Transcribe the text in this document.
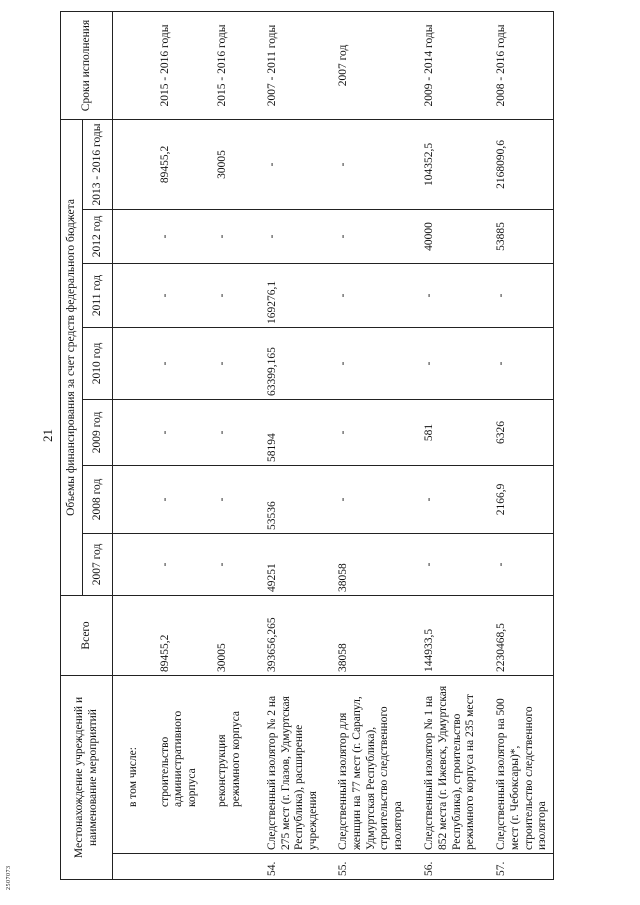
21
2507073
Местонахождение учреждений и наименование мероприятий		Всего	Объемы финансирования за счет средств федерального бюджета							Сроки исполнения
			2007 год	2008 год	2009 год	2010 год	2011 год	2012 год	2013 - 2016 годы	
	в том числе:									
	строительство административного корпуса	89455,2	-	-	-	-	-	-	89455,2	2015 - 2016 годы
	реконструкция режимного корпуса	30005	-	-	-	-	-	-	30005	2015 - 2016 годы
54.	Следственный изолятор № 2 на 275 мест (г. Глазов, Удмуртская Республика), расширение учреждения	393656,265	49251	53536	58194	63399,165	169276,1	-	-	2007 - 2011 годы
55.	Следственный изолятор для женщин на 77 мест (г. Сарапул, Удмуртская Республика), строительство следственного изолятора	38058	38058	-	-	-	-	-	-	2007 год
56.	Следственный изолятор № 1 на 852 места (г. Ижевск, Удмуртская Республика), строительство режимного корпуса на 235 мест	144933,5	-	-	581	-	-	40000	104352,5	2009 - 2014 годы
57.	Следственный изолятор на 500 мест (г. Чебоксары)*, строительство следственного изолятора	2230468,5	-	2166,9	6326	-	-	53885	2168090,6	2008 - 2016 годы
